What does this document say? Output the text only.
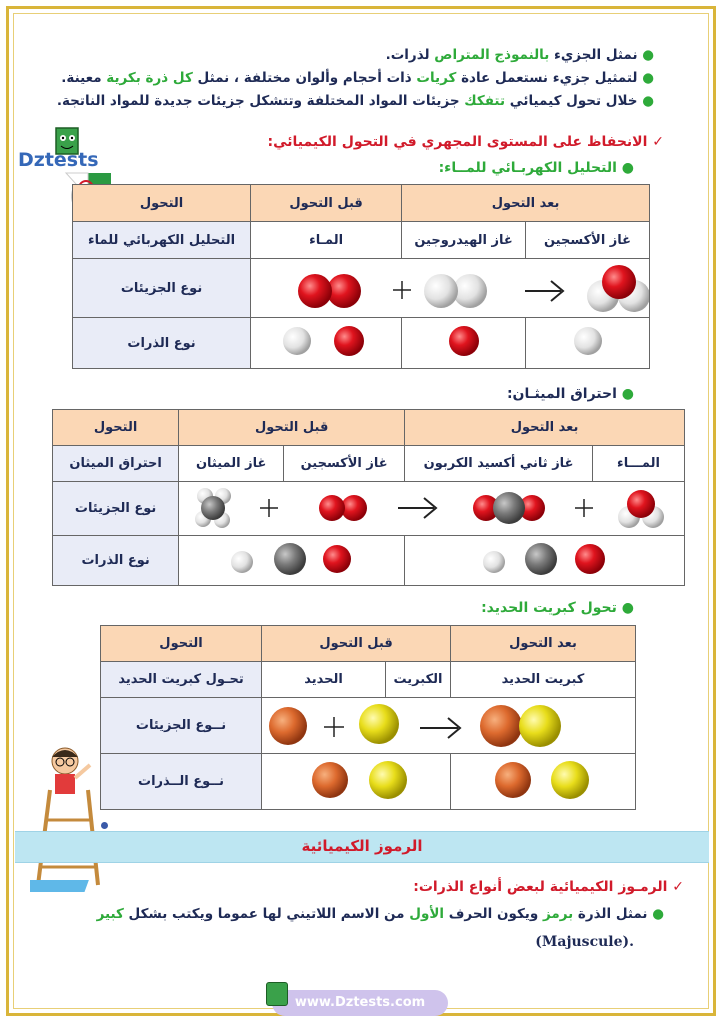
Dztests
● نمثل الجزيء بالنموذج المتراص لذرات.
● لتمثيل جزيء نستعمل عادة كريات ذات أحجام وألوان مختلفة ، نمثل كل ذرة بكرية معينة.
● خلال تحول كيميائي تتفكك جزيئات المواد المختلفة وتتشكل جزيئات جديدة للمواد الناتجة.
✓ الانحفاظ على المستوى المجهري في التحول الكيميائي:
● التحليل الكهربـائي للمــاء:
بعد التحول		قبل التحول	التحول
غاز الأكسجين	غاز الهيدروجين	المـاء	التحليل الكهربائي للماء

	نوع الجزيئات
			نوع الذرات
● احتراق الميثـان:
بعد التحول		قبل التحول		التحول
المـــاء	غاز ثاني أكسيد الكربون	غاز الأكسجين	غاز الميثان	احتراق الميثان

	نوع الجزيئات
		نوع الذرات
● تحول كبريت الحديد:
بعد التحول	قبل التحول		التحول
كبريت الحديد	الكبريت	الحديد	تحـول كبريت الحديد

	نــوع الجزيئات
		نــوع الــذرات
الرموز الكيميائية
✓ الرمـوز الكيميائية لبعض أنواع الذرات:
● نمثل الذرة برمز ويكون الحرف الأول من الاسم اللاتيني لها عموما ويكتب بشكل كبير
(Majuscule).
www.Dztests.com
